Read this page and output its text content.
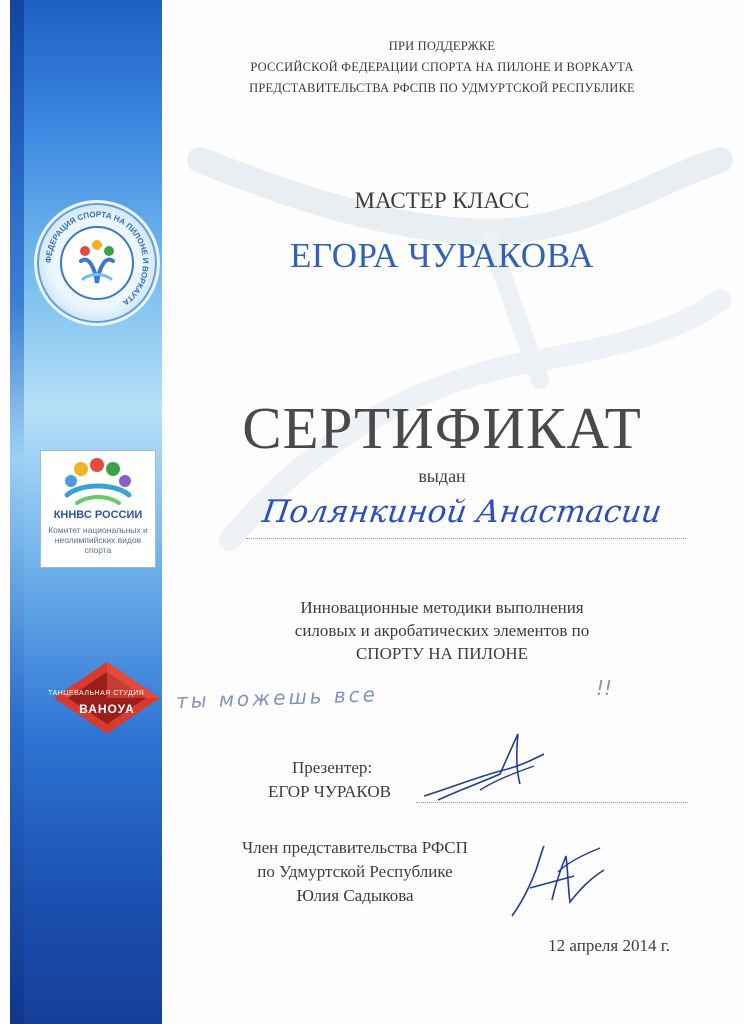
ФЕДЕРАЦИЯ СПОРТА НА ПИЛОНЕ И ВОРКАУТА
КННВС РОССИИ
Комитет национальных и неолимпийских видов спорта
ТАНЦЕВАЛЬНАЯ СТУДИЯ
ВАНОУА
ПРИ ПОДДЕРЖКЕ
РОССИЙСКОЙ ФЕДЕРАЦИИ СПОРТА НА ПИЛОНЕ И ВОРКАУТА
ПРЕДСТАВИТЕЛЬСТВА РФСПВ ПО УДМУРТСКОЙ РЕСПУБЛИКЕ
МАСТЕР КЛАСС
ЕГОРА ЧУРАКОВА
СЕРТИФИКАТ
выдан
Полянкиной Анастасии
Инновационные методики выполнения
силовых и акробатических элементов по
СПОРТУ НА ПИЛОНЕ
ты можешь все	!!
Презентер:
ЕГОР ЧУРАКОВ
Член представительства РФСП
по Удмуртской Республике
Юлия Садыкова
12 апреля 2014 г.
